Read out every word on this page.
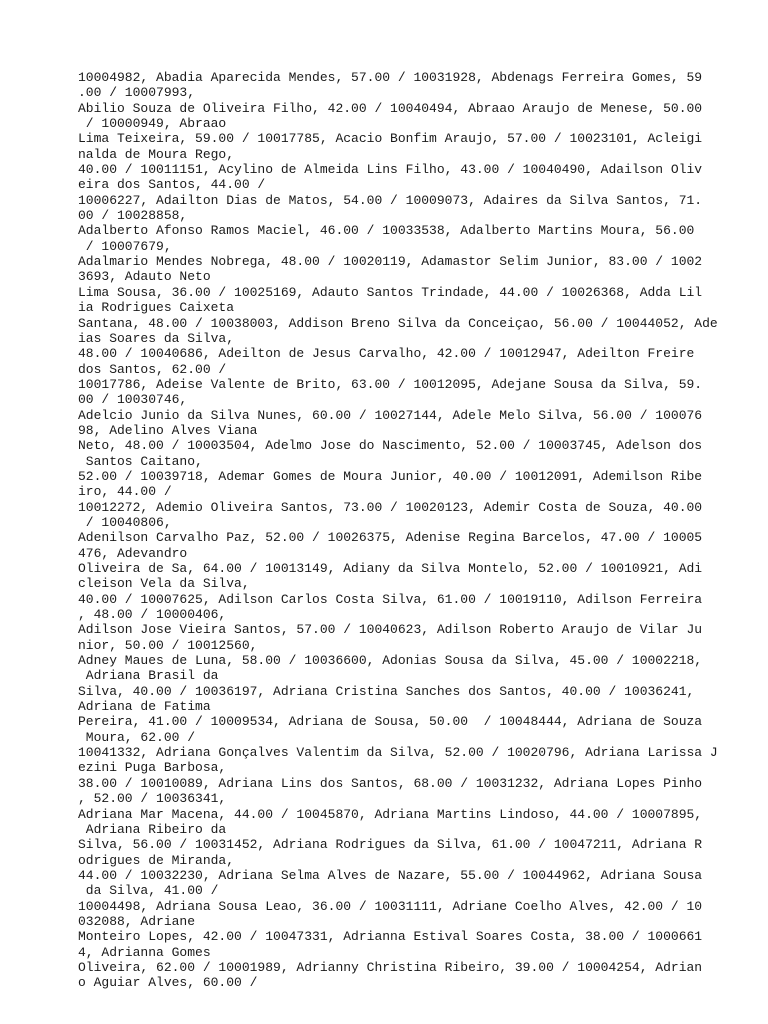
10004982, Abadia Aparecida Mendes, 57.00 / 10031928, Abdenags Ferreira Gomes, 59
.00 / 10007993,
Abilio Souza de Oliveira Filho, 42.00 / 10040494, Abraao Araujo de Menese, 50.00
/ 10000949, Abraao
Lima Teixeira, 59.00 / 10017785, Acacio Bonfim Araujo, 57.00 / 10023101, Acleigi
nalda de Moura Rego,
40.00 / 10011151, Acylino de Almeida Lins Filho, 43.00 / 10040490, Adailson Oliv
eira dos Santos, 44.00 /
10006227, Adailton Dias de Matos, 54.00 / 10009073, Adaires da Silva Santos, 71.
00 / 10028858,
Adalberto Afonso Ramos Maciel, 46.00 / 10033538, Adalberto Martins Moura, 56.00
/ 10007679,
Adalmario Mendes Nobrega, 48.00 / 10020119, Adamastor Selim Junior, 83.00 / 1002
3693, Adauto Neto
Lima Sousa, 36.00 / 10025169, Adauto Santos Trindade, 44.00 / 10026368, Adda Lil
ia Rodrigues Caixeta
Santana, 48.00 / 10038003, Addison Breno Silva da Conceiçao, 56.00 / 10044052, Ade
ias Soares da Silva,
48.00 / 10040686, Adeilton de Jesus Carvalho, 42.00 / 10012947, Adeilton Freire
dos Santos, 62.00 /
10017786, Adeise Valente de Brito, 63.00 / 10012095, Adejane Sousa da Silva, 59.
00 / 10030746,
Adelcio Junio da Silva Nunes, 60.00 / 10027144, Adele Melo Silva, 56.00 / 100076
98, Adelino Alves Viana
Neto, 48.00 / 10003504, Adelmo Jose do Nascimento, 52.00 / 10003745, Adelson dos
Santos Caitano,
52.00 / 10039718, Ademar Gomes de Moura Junior, 40.00 / 10012091, Ademilson Ribe
iro, 44.00 /
10012272, Ademio Oliveira Santos, 73.00 / 10020123, Ademir Costa de Souza, 40.00
/ 10040806,
Adenilson Carvalho Paz, 52.00 / 10026375, Adenise Regina Barcelos, 47.00 / 10005
476, Adevandro
Oliveira de Sa, 64.00 / 10013149, Adiany da Silva Montelo, 52.00 / 10010921, Adi
cleison Vela da Silva,
40.00 / 10007625, Adilson Carlos Costa Silva, 61.00 / 10019110, Adilson Ferreira
, 48.00 / 10000406,
Adilson Jose Vieira Santos, 57.00 / 10040623, Adilson Roberto Araujo de Vilar Ju
nior, 50.00 / 10012560,
Adney Maues de Luna, 58.00 / 10036600, Adonias Sousa da Silva, 45.00 / 10002218,
Adriana Brasil da
Silva, 40.00 / 10036197, Adriana Cristina Sanches dos Santos, 40.00 / 10036241,
Adriana de Fatima
Pereira, 41.00 / 10009534, Adriana de Sousa, 50.00  / 10048444, Adriana de Souza
Moura, 62.00 /
10041332, Adriana Gonçalves Valentim da Silva, 52.00 / 10020796, Adriana Larissa J
ezini Puga Barbosa,
38.00 / 10010089, Adriana Lins dos Santos, 68.00 / 10031232, Adriana Lopes Pinho
, 52.00 / 10036341,
Adriana Mar Macena, 44.00 / 10045870, Adriana Martins Lindoso, 44.00 / 10007895,
Adriana Ribeiro da
Silva, 56.00 / 10031452, Adriana Rodrigues da Silva, 61.00 / 10047211, Adriana R
odrigues de Miranda,
44.00 / 10032230, Adriana Selma Alves de Nazare, 55.00 / 10044962, Adriana Sousa
da Silva, 41.00 /
10004498, Adriana Sousa Leao, 36.00 / 10031111, Adriane Coelho Alves, 42.00 / 10
032088, Adriane
Monteiro Lopes, 42.00 / 10047331, Adrianna Estival Soares Costa, 38.00 / 1000661
4, Adrianna Gomes
Oliveira, 62.00 / 10001989, Adrianny Christina Ribeiro, 39.00 / 10004254, Adrian
o Aguiar Alves, 60.00 /
